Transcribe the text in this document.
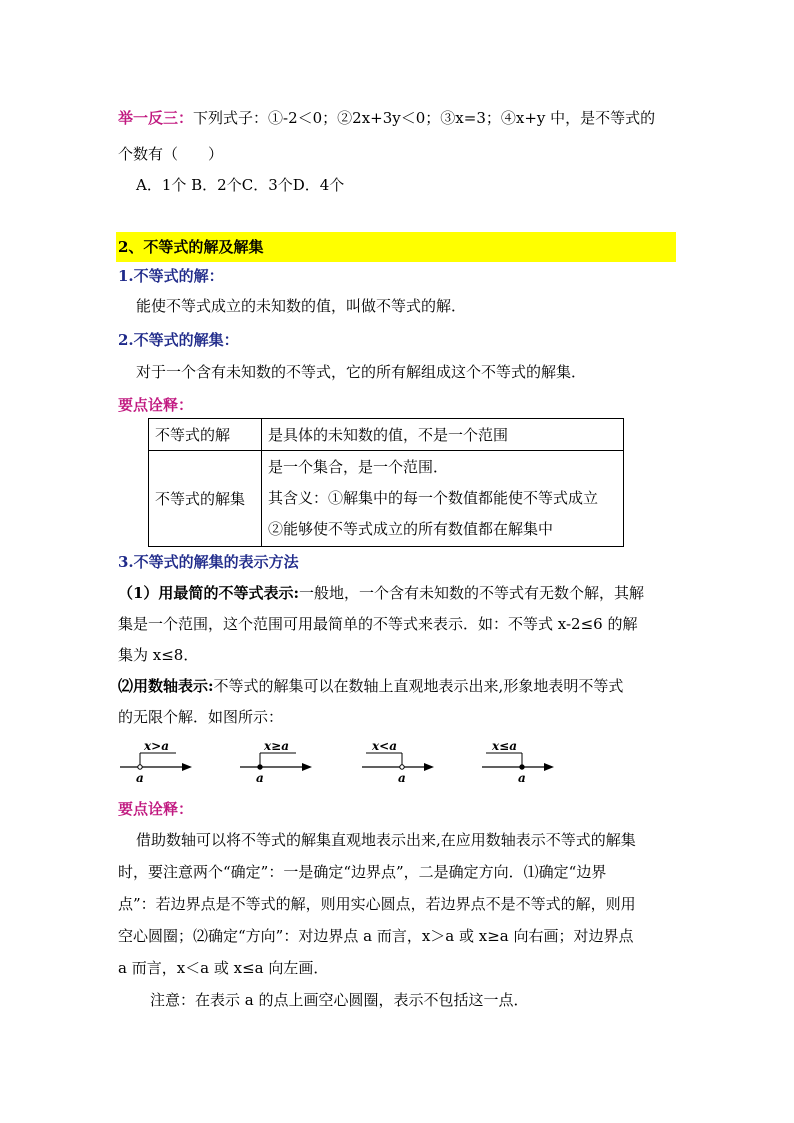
举一反三：下列式子：①-2＜0；②2x+3y＜0；③x=3；④x+y 中，是不等式的
个数有（　　）
A．1个 B．2个C．3个D．4个
2、不等式的解及解集
1.不等式的解：
能使不等式成立的未知数的值，叫做不等式的解．
2.不等式的解集：
对于一个含有未知数的不等式，它的所有解组成这个不等式的解集．
要点诠释：
不等式的解	是具体的未知数的值，不是一个范围
不等式的解集	是一个集合，是一个范围．
其含义：①解集中的每一个数值都能使不等式成立
②能够使不等式成立的所有数值都在解集中
3.不等式的解集的表示方法
（1）用最简的不等式表示:一般地，一个含有未知数的不等式有无数个解，其解
集是一个范围，这个范围可用最简单的不等式来表示．如：不等式 x-2≤6 的解
集为 x≤8．
⑵用数轴表示:不等式的解集可以在数轴上直观地表示出来,形象地表明不等式
的无限个解．如图所示：
x>a
a
x≥a
a
x<a
a
x≤a
a
要点诠释：
借助数轴可以将不等式的解集直观地表示出来,在应用数轴表示不等式的解集
时，要注意两个“确定”：一是确定“边界点”，二是确定方向．⑴确定“边界
点”：若边界点是不等式的解，则用实心圆点，若边界点不是不等式的解，则用
空心圆圈；⑵确定“方向”：对边界点 a 而言，x＞a 或 x≥a 向右画；对边界点
a 而言，x＜a 或 x≤a 向左画．
注意：在表示 a 的点上画空心圆圈，表示不包括这一点．
